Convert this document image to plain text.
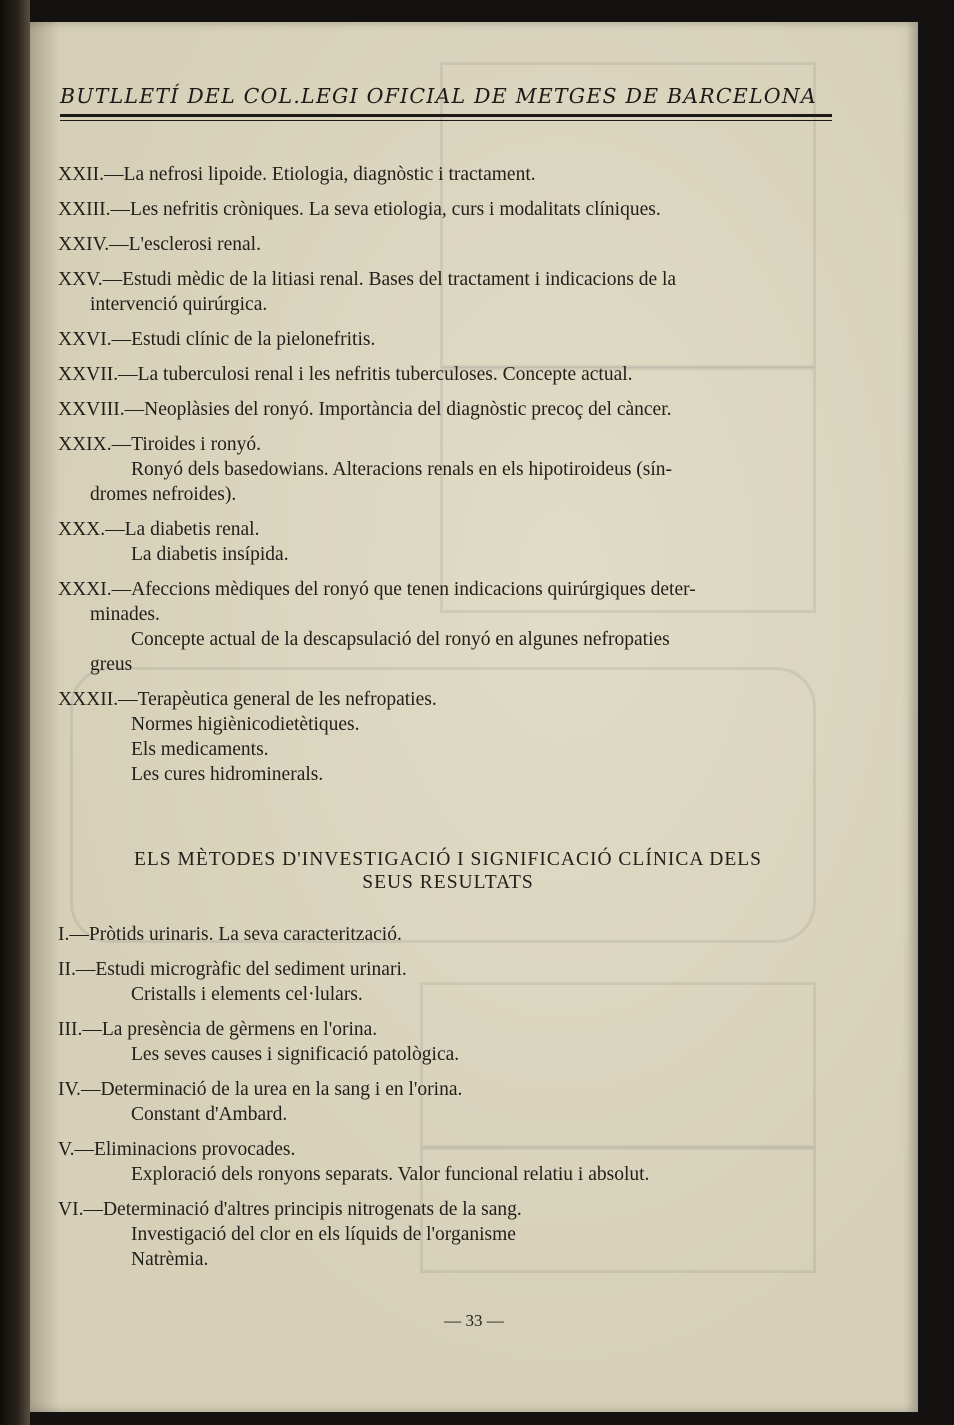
BUTLLETÍ DEL COL.LEGI OFICIAL DE METGES DE BARCELONA
XXII.—La nefrosi lipoide. Etiologia, diagnòstic i tractament.
XXIII.—Les nefritis cròniques. La seva etiologia, curs i modalitats clíniques.
XXIV.—L'esclerosi renal.
XXV.—Estudi mèdic de la litiasi renal. Bases del tractament i indicacions de la
intervenció quirúrgica.
XXVI.—Estudi clínic de la pielonefritis.
XXVII.—La tuberculosi renal i les nefritis tuberculoses. Concepte actual.
XXVIII.—Neoplàsies del ronyó. Importància del diagnòstic precoç del càncer.
XXIX.—Tiroides i ronyó.
Ronyó dels basedowians. Alteracions renals en els hipotiroideus (sín-
dromes nefroides).
XXX.—La diabetis renal.
La diabetis insípida.
XXXI.—Afeccions mèdiques del ronyó que tenen indicacions quirúrgiques deter-
minades.
Concepte actual de la descapsulació del ronyó en algunes nefropaties
greus
XXXII.—Terapèutica general de les nefropaties.
Normes higiènicodietètiques.
Els medicaments.
Les cures hidrominerals.
ELS MÈTODES D'INVESTIGACIÓ I SIGNIFICACIÓ CLÍNICA DELS
SEUS RESULTATS
I.—Pròtids urinaris. La seva caracterització.
II.—Estudi microgràfic del sediment urinari.
Cristalls i elements cel·lulars.
III.—La presència de gèrmens en l'orina.
Les seves causes i significació patològica.
IV.—Determinació de la urea en la sang i en l'orina.
Constant d'Ambard.
V.—Eliminacions provocades.
Exploració dels ronyons separats. Valor funcional relatiu i absolut.
VI.—Determinació d'altres principis nitrogenats de la sang.
Investigació del clor en els líquids de l'organisme
Natrèmia.
— 33 —
